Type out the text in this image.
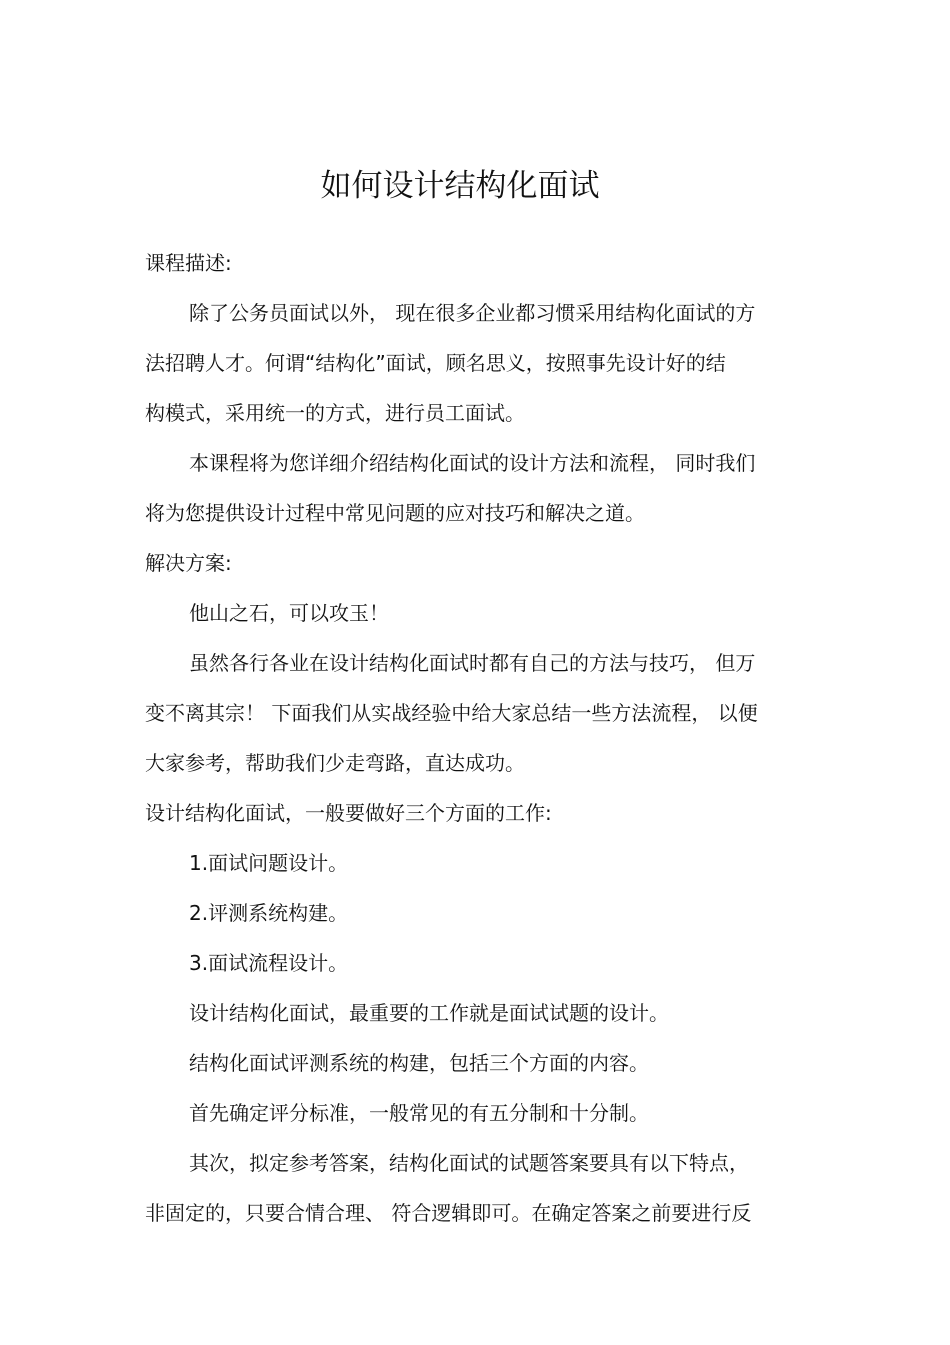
如何设计结构化面试
课程描述:
除了公务员面试以外， 现在很多企业都习惯采用结构化面试的方
法招聘人才。何谓“结构化”面试，顾名思义，按照事先设计好的结
构模式，采用统一的方式，进行员工面试。
本课程将为您详细介绍结构化面试的设计方法和流程， 同时我们
将为您提供设计过程中常见问题的应对技巧和解决之道。
解决方案:
他山之石，可以攻玉！
虽然各行各业在设计结构化面试时都有自己的方法与技巧， 但万
变不离其宗！ 下面我们从实战经验中给大家总结一些方法流程， 以便
大家参考，帮助我们少走弯路，直达成功。
设计结构化面试，一般要做好三个方面的工作:
1.面试问题设计。
2.评测系统构建。
3.面试流程设计。
设计结构化面试，最重要的工作就是面试试题的设计。
结构化面试评测系统的构建，包括三个方面的内容。
首先确定评分标准，一般常见的有五分制和十分制。
其次，拟定参考答案，结构化面试的试题答案要具有以下特点，
非固定的，只要合情合理、 符合逻辑即可。在确定答案之前要进行反
